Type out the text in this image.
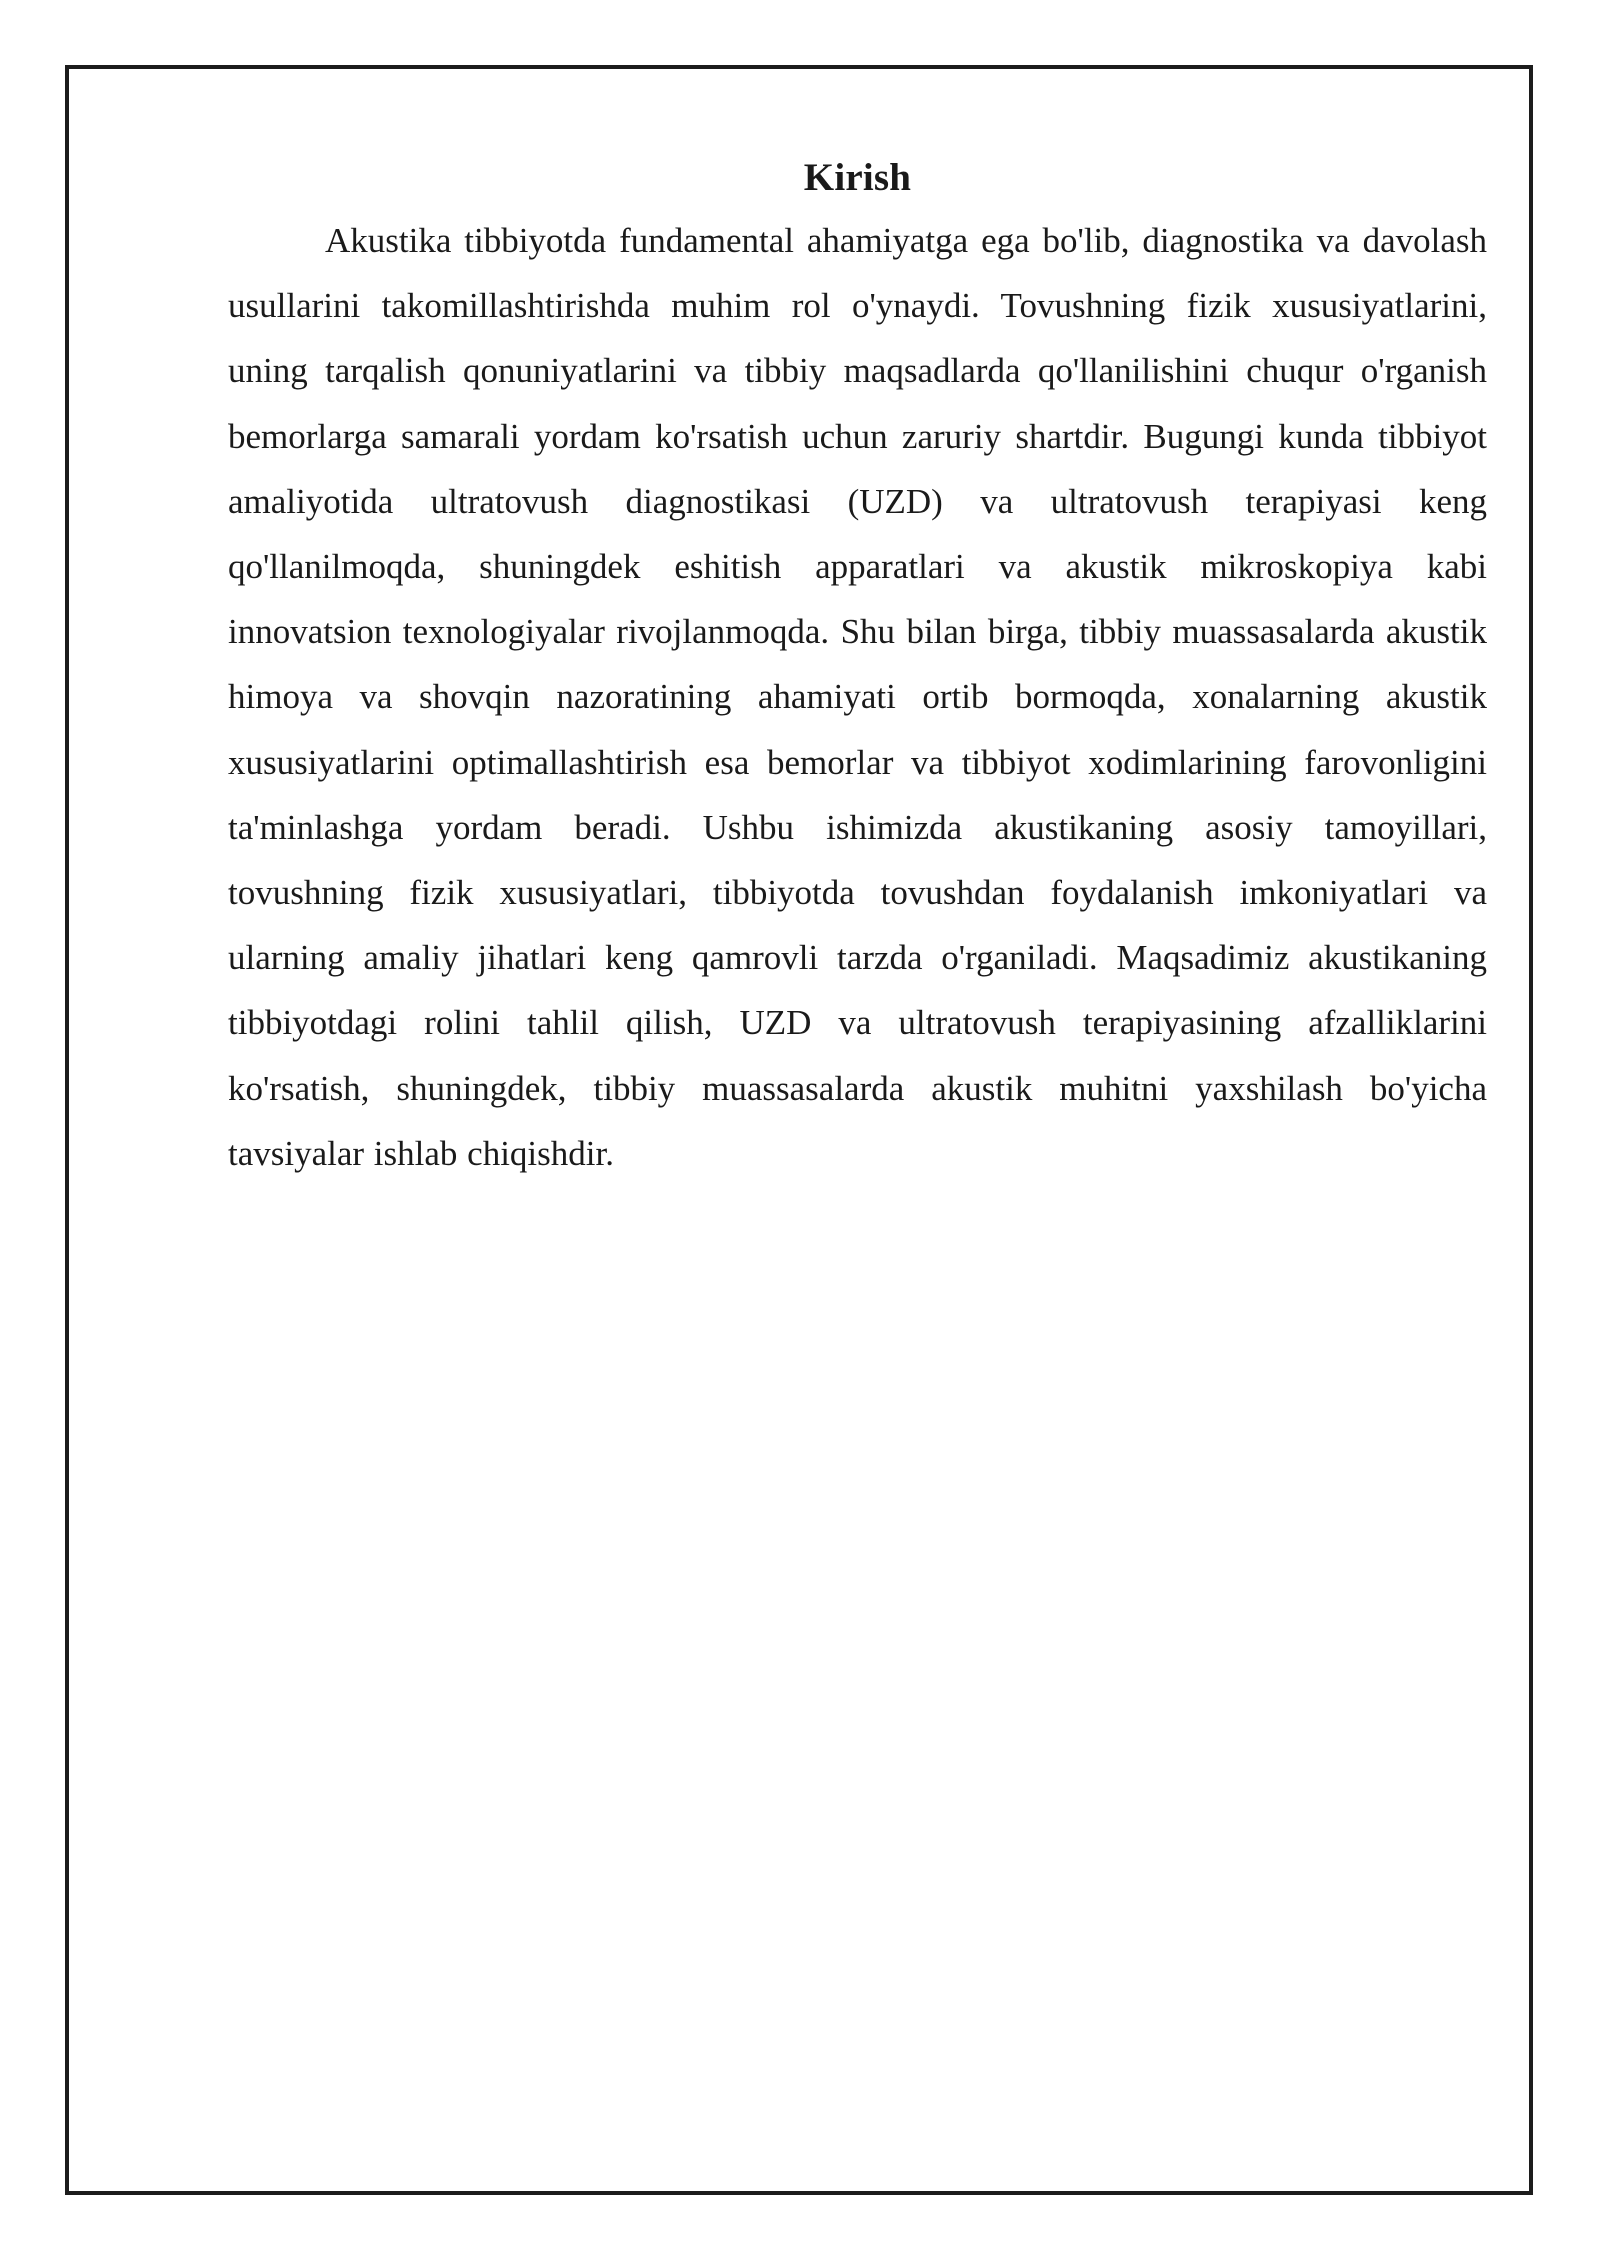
Kirish

Akustika tibbiyotda fundamental ahamiyatga ega bo'lib, diagnostika va davolash usullarini takomillashtirishda muhim rol o'ynaydi. Tovushning fizik xususiyatlarini, uning tarqalish qonuniyatlarini va tibbiy maqsadlarda qo'llanilishini chuqur o'rganish bemorlarga samarali yordam ko'rsatish uchun zaruriy shartdir. Bugungi kunda tibbiyot amaliyotida ultratovush diagnostikasi (UZD) va ultratovush terapiyasi keng qo'llanilmoqda, shuningdek eshitish apparatlari va akustik mikroskopiya kabi innovatsion texnologiyalar rivojlanmoqda. Shu bilan birga, tibbiy muassasalarda akustik himoya va shovqin nazoratining ahamiyati ortib bormoqda, xonalarning akustik xususiyatlarini optimallashtirish esa bemorlar va tibbiyot xodimlarining farovonligini ta'minlashga yordam beradi. Ushbu ishimizda akustikaning asosiy tamoyillari, tovushning fizik xususiyatlari, tibbiyotda tovushdan foydalanish imkoniyatlari va ularning amaliy jihatlari keng qamrovli tarzda o'rganiladi. Maqsadimiz akustikaning tibbiyotdagi rolini tahlil qilish, UZD va ultratovush terapiyasining afzalliklarini ko'rsatish, shuningdek, tibbiy muassasalarda akustik muhitni yaxshilash bo'yicha tavsiyalar ishlab chiqishdir.
